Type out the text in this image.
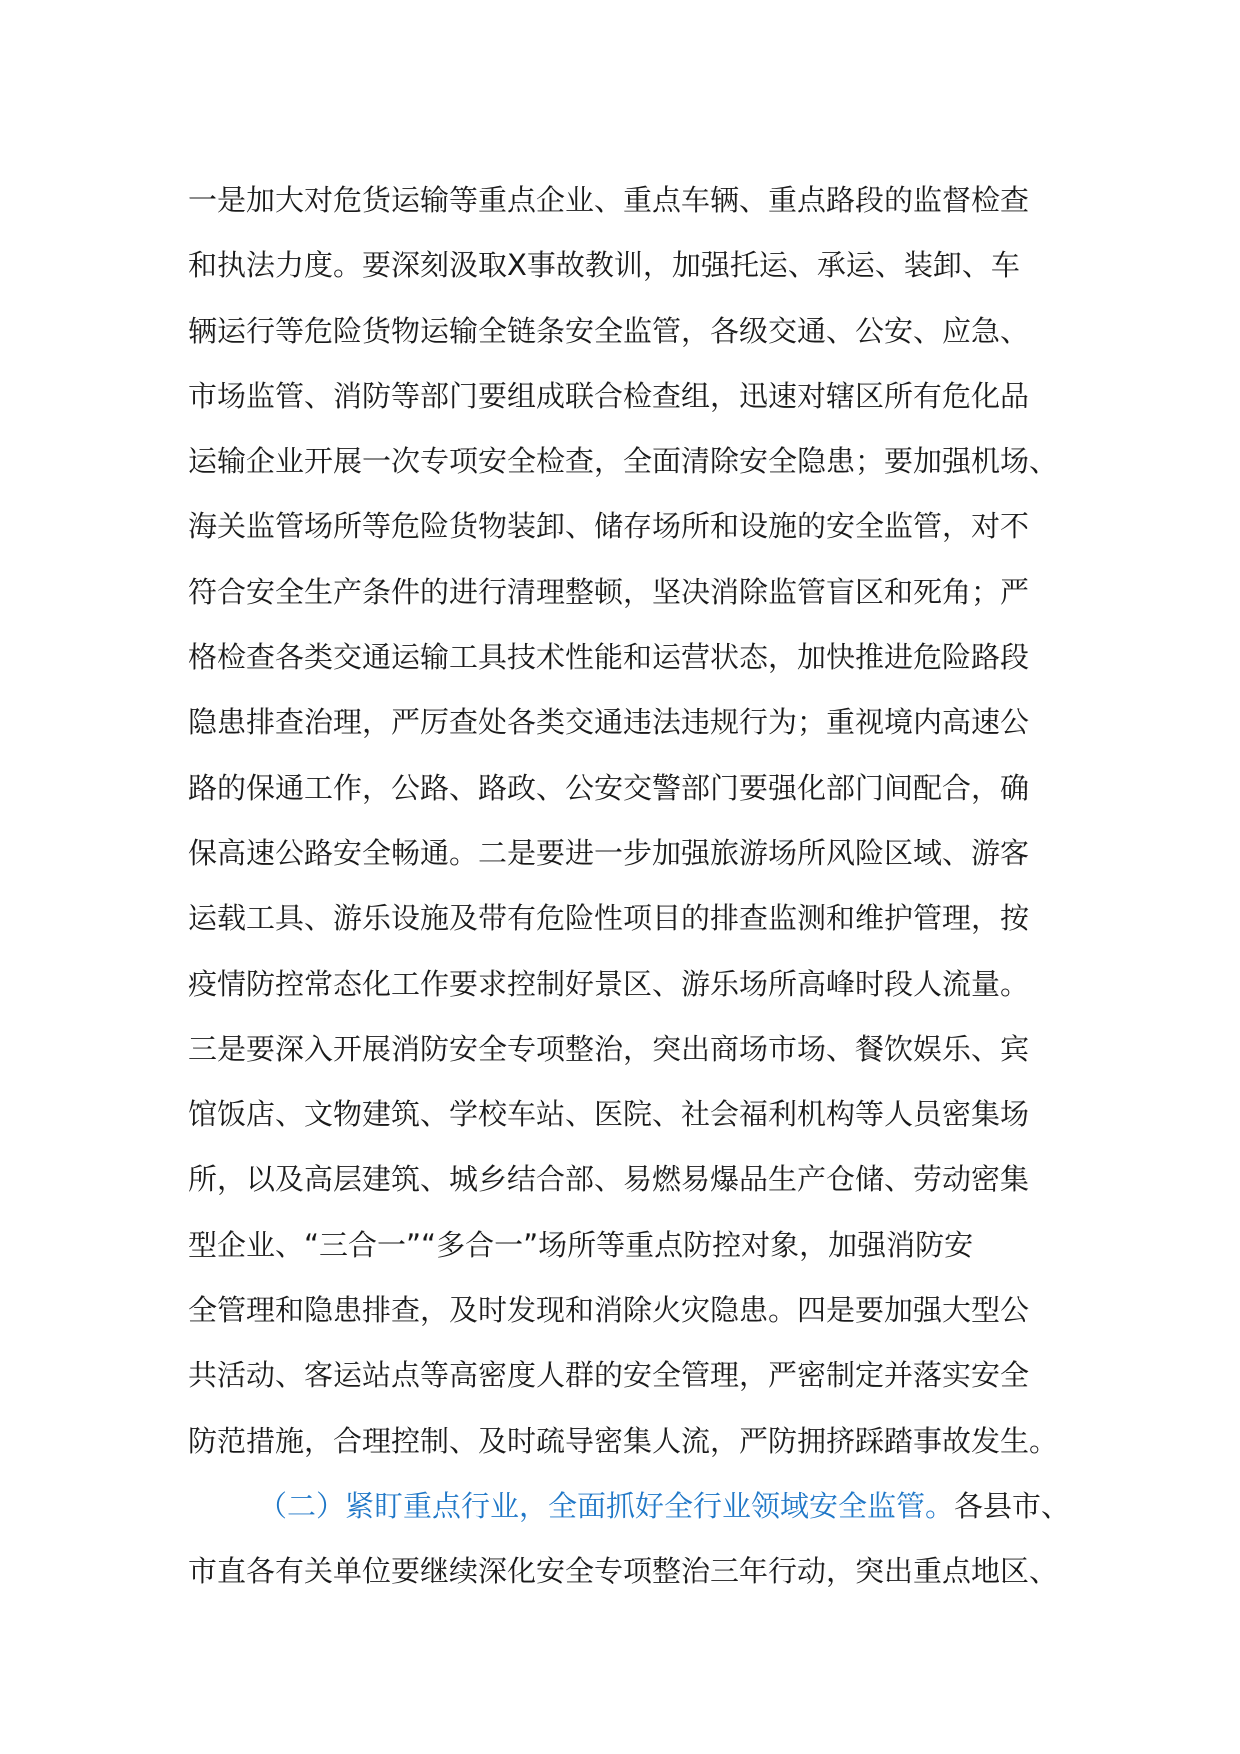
一是加大对危货运输等重点企业、重点车辆、重点路段的监督检查
和执法力度。要深刻汲取Ⅹ事故教训，加强托运、承运、装卸、车
辆运行等危险货物运输全链条安全监管，各级交通、公安、应急、
市场监管、消防等部门要组成联合检查组，迅速对辖区所有危化品
运输企业开展一次专项安全检查，全面清除安全隐患；要加强机场、
海关监管场所等危险货物装卸、储存场所和设施的安全监管，对不
符合安全生产条件的进行清理整顿，坚决消除监管盲区和死角；严
格检查各类交通运输工具技术性能和运营状态，加快推进危险路段
隐患排查治理，严厉查处各类交通违法违规行为；重视境内高速公
路的保通工作，公路、路政、公安交警部门要强化部门间配合，确
保高速公路安全畅通。二是要进一步加强旅游场所风险区域、游客
运载工具、游乐设施及带有危险性项目的排查监测和维护管理，按
疫情防控常态化工作要求控制好景区、游乐场所高峰时段人流量。
三是要深入开展消防安全专项整治，突出商场市场、餐饮娱乐、宾
馆饭店、文物建筑、学校车站、医院、社会福利机构等人员密集场
所，以及高层建筑、城乡结合部、易燃易爆品生产仓储、劳动密集
型企业、“三合一”“多合一”场所等重点防控对象，加强消防安
全管理和隐患排查，及时发现和消除火灾隐患。四是要加强大型公
共活动、客运站点等高密度人群的安全管理，严密制定并落实安全
防范措施，合理控制、及时疏导密集人流，严防拥挤踩踏事故发生。
（二）紧盯重点行业，全面抓好全行业领域安全监管。各县市、
市直各有关单位要继续深化安全专项整治三年行动，突出重点地区、
